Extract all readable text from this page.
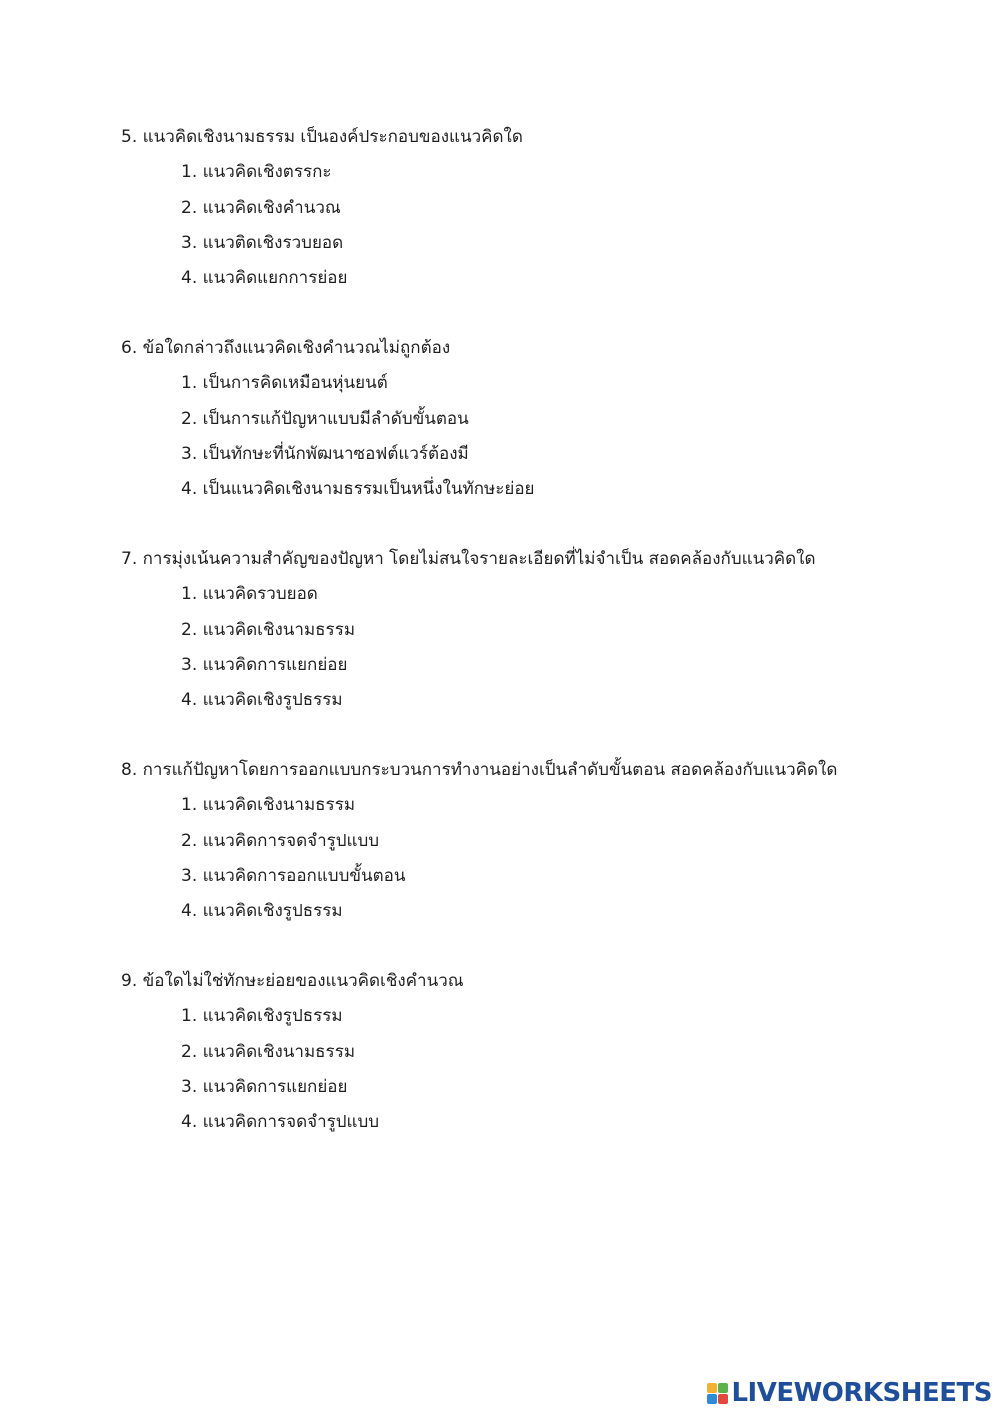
5. แนวคิดเชิงนามธรรม เป็นองค์ประกอบของแนวคิดใด
1. แนวคิดเชิงตรรกะ
2. แนวคิดเชิงคำนวณ
3. แนวติดเชิงรวบยอด
4. แนวคิดแยกการย่อย
6. ข้อใดกล่าวถึงแนวคิดเชิงคำนวณไม่ถูกต้อง
1. เป็นการคิดเหมือนหุ่นยนต์
2. เป็นการแก้ปัญหาแบบมีลำดับขั้นตอน
3. เป็นทักษะที่นักพัฒนาซอฟต์แวร์ต้องมี
4. เป็นแนวคิดเชิงนามธรรมเป็นหนึ่งในทักษะย่อย
7. การมุ่งเน้นความสำคัญของปัญหา โดยไม่สนใจรายละเอียดที่ไม่จำเป็น สอดคล้องกับแนวคิดใด
1. แนวคิดรวบยอด
2. แนวคิดเชิงนามธรรม
3. แนวคิดการแยกย่อย
4. แนวคิดเชิงรูปธรรม
8. การแก้ปัญหาโดยการออกแบบกระบวนการทำงานอย่างเป็นลำดับขั้นตอน สอดคล้องกับแนวคิดใด
1. แนวคิดเชิงนามธรรม
2. แนวคิดการจดจำรูปแบบ
3. แนวคิดการออกแบบขั้นตอน
4. แนวคิดเชิงรูปธรรม
9. ข้อใดไม่ใช่ทักษะย่อยของแนวคิดเชิงคำนวณ
1. แนวคิดเชิงรูปธรรม
2. แนวคิดเชิงนามธรรม
3. แนวคิดการแยกย่อย
4. แนวคิดการจดจำรูปแบบ
LIVEWORKSHEETS
